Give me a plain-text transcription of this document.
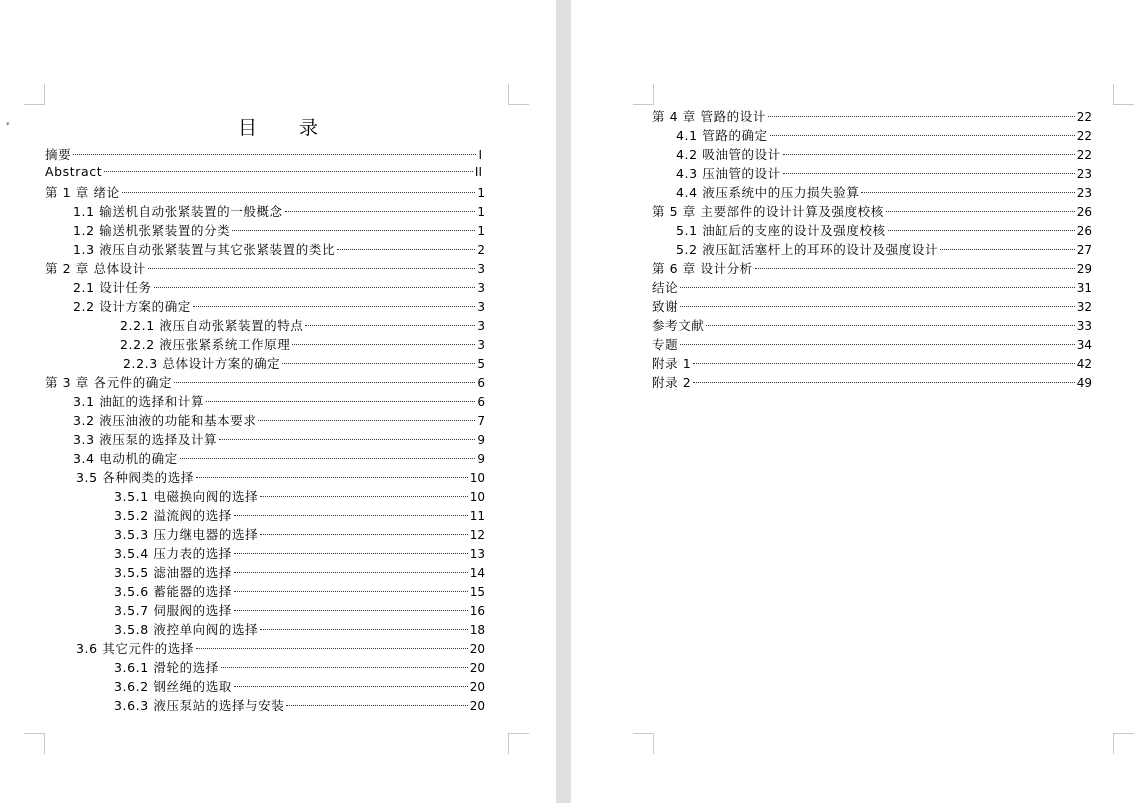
▾	目 录
摘要	I
Abstract	II
第 1 章 绪论	1
1.1 输送机自动张紧装置的一般概念	1
1.2 输送机张紧装置的分类	1
1.3 液压自动张紧装置与其它张紧装置的类比	2
第 2 章 总体设计	3
2.1 设计任务	3
2.2 设计方案的确定	3
2.2.1 液压自动张紧装置的特点	3
2.2.2 液压张紧系统工作原理	3
2.2.3 总体设计方案的确定	5
第 3 章 各元件的确定	6
3.1 油缸的选择和计算	6
3.2 液压油液的功能和基本要求	7
3.3 液压泵的选择及计算	9
3.4 电动机的确定	9
3.5 各种阀类的选择	10
3.5.1 电磁换向阀的选择	10
3.5.2 溢流阀的选择	11
3.5.3 压力继电器的选择	12
3.5.4 压力表的选择	13
3.5.5 滤油器的选择	14
3.5.6 蓄能器的选择	15
3.5.7 伺服阀的选择	16
3.5.8 液控单向阀的选择	18
3.6 其它元件的选择	20
3.6.1 滑轮的选择	20
3.6.2 钢丝绳的选取	20
3.6.3 液压泵站的选择与安装	20
第 4 章 管路的设计	22
4.1 管路的确定	22
4.2 吸油管的设计	22
4.3 压油管的设计	23
4.4 液压系统中的压力损失验算	23
第 5 章 主要部件的设计计算及强度校核	26
5.1 油缸后的支座的设计及强度校核	26
5.2 液压缸活塞杆上的耳环的设计及强度设计	27
第 6 章 设计分析	29
结论	31
致谢	32
参考文献	33
专题	34
附录 1	42
附录 2	49
